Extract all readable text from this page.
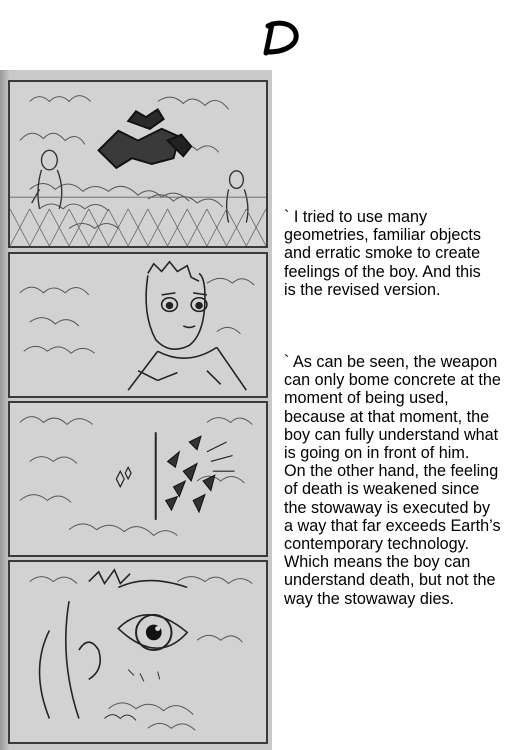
` I tried to use many

geometries, familiar objects

and erratic smoke to create

feelings of the boy. And this

is the revised version.

` As can be seen, the weapon

can only bome concrete at the

moment of being used,

because at that moment, the

boy can fully understand what

is going on in front of him.

On the other hand, the feeling

of death is weakened since

the stowaway is executed by

a way that far exceeds Earth’s

contemporary technology.

Which means the boy can

understand death, but not the

way the stowaway dies.
